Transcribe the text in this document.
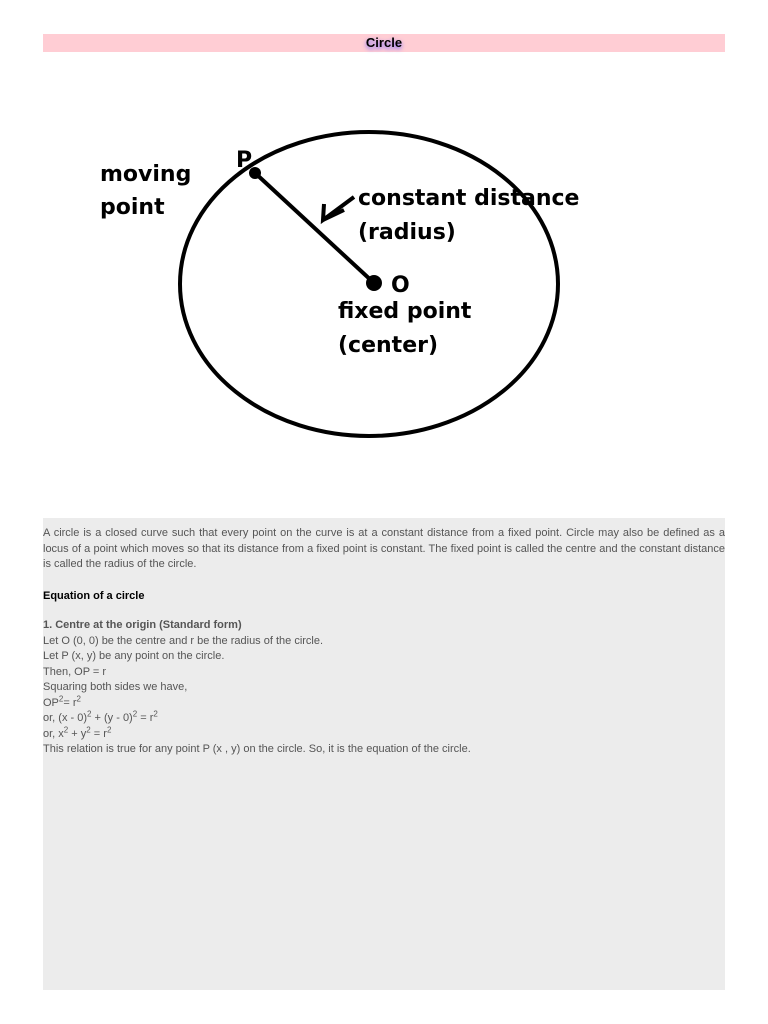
Circle
P
moving
point	constant distance
(radius)
O
fixed point
(center)

A circle is a closed curve such that every point on the curve is at a constant distance from a fixed point. Circle may also be defined as a locus of a point which moves so that its distance from a fixed point is constant. The fixed point is called the centre and the constant distance is called the radius of the circle.

Equation of a circle

1. Centre at the origin (Standard form)

Let O (0, 0) be the centre and r be the radius of the circle.

Let P (x, y) be any point on the circle.

Then, OP = r

Squaring both sides we have,

$OP^2= r^2$

or, $(x - 0)^2 + (y - 0)^2 = r^2$

or, $x^2 + y^2 = r^2$

This relation is true for any point P (x , y) on the circle. So, it is the equation of the circle.
